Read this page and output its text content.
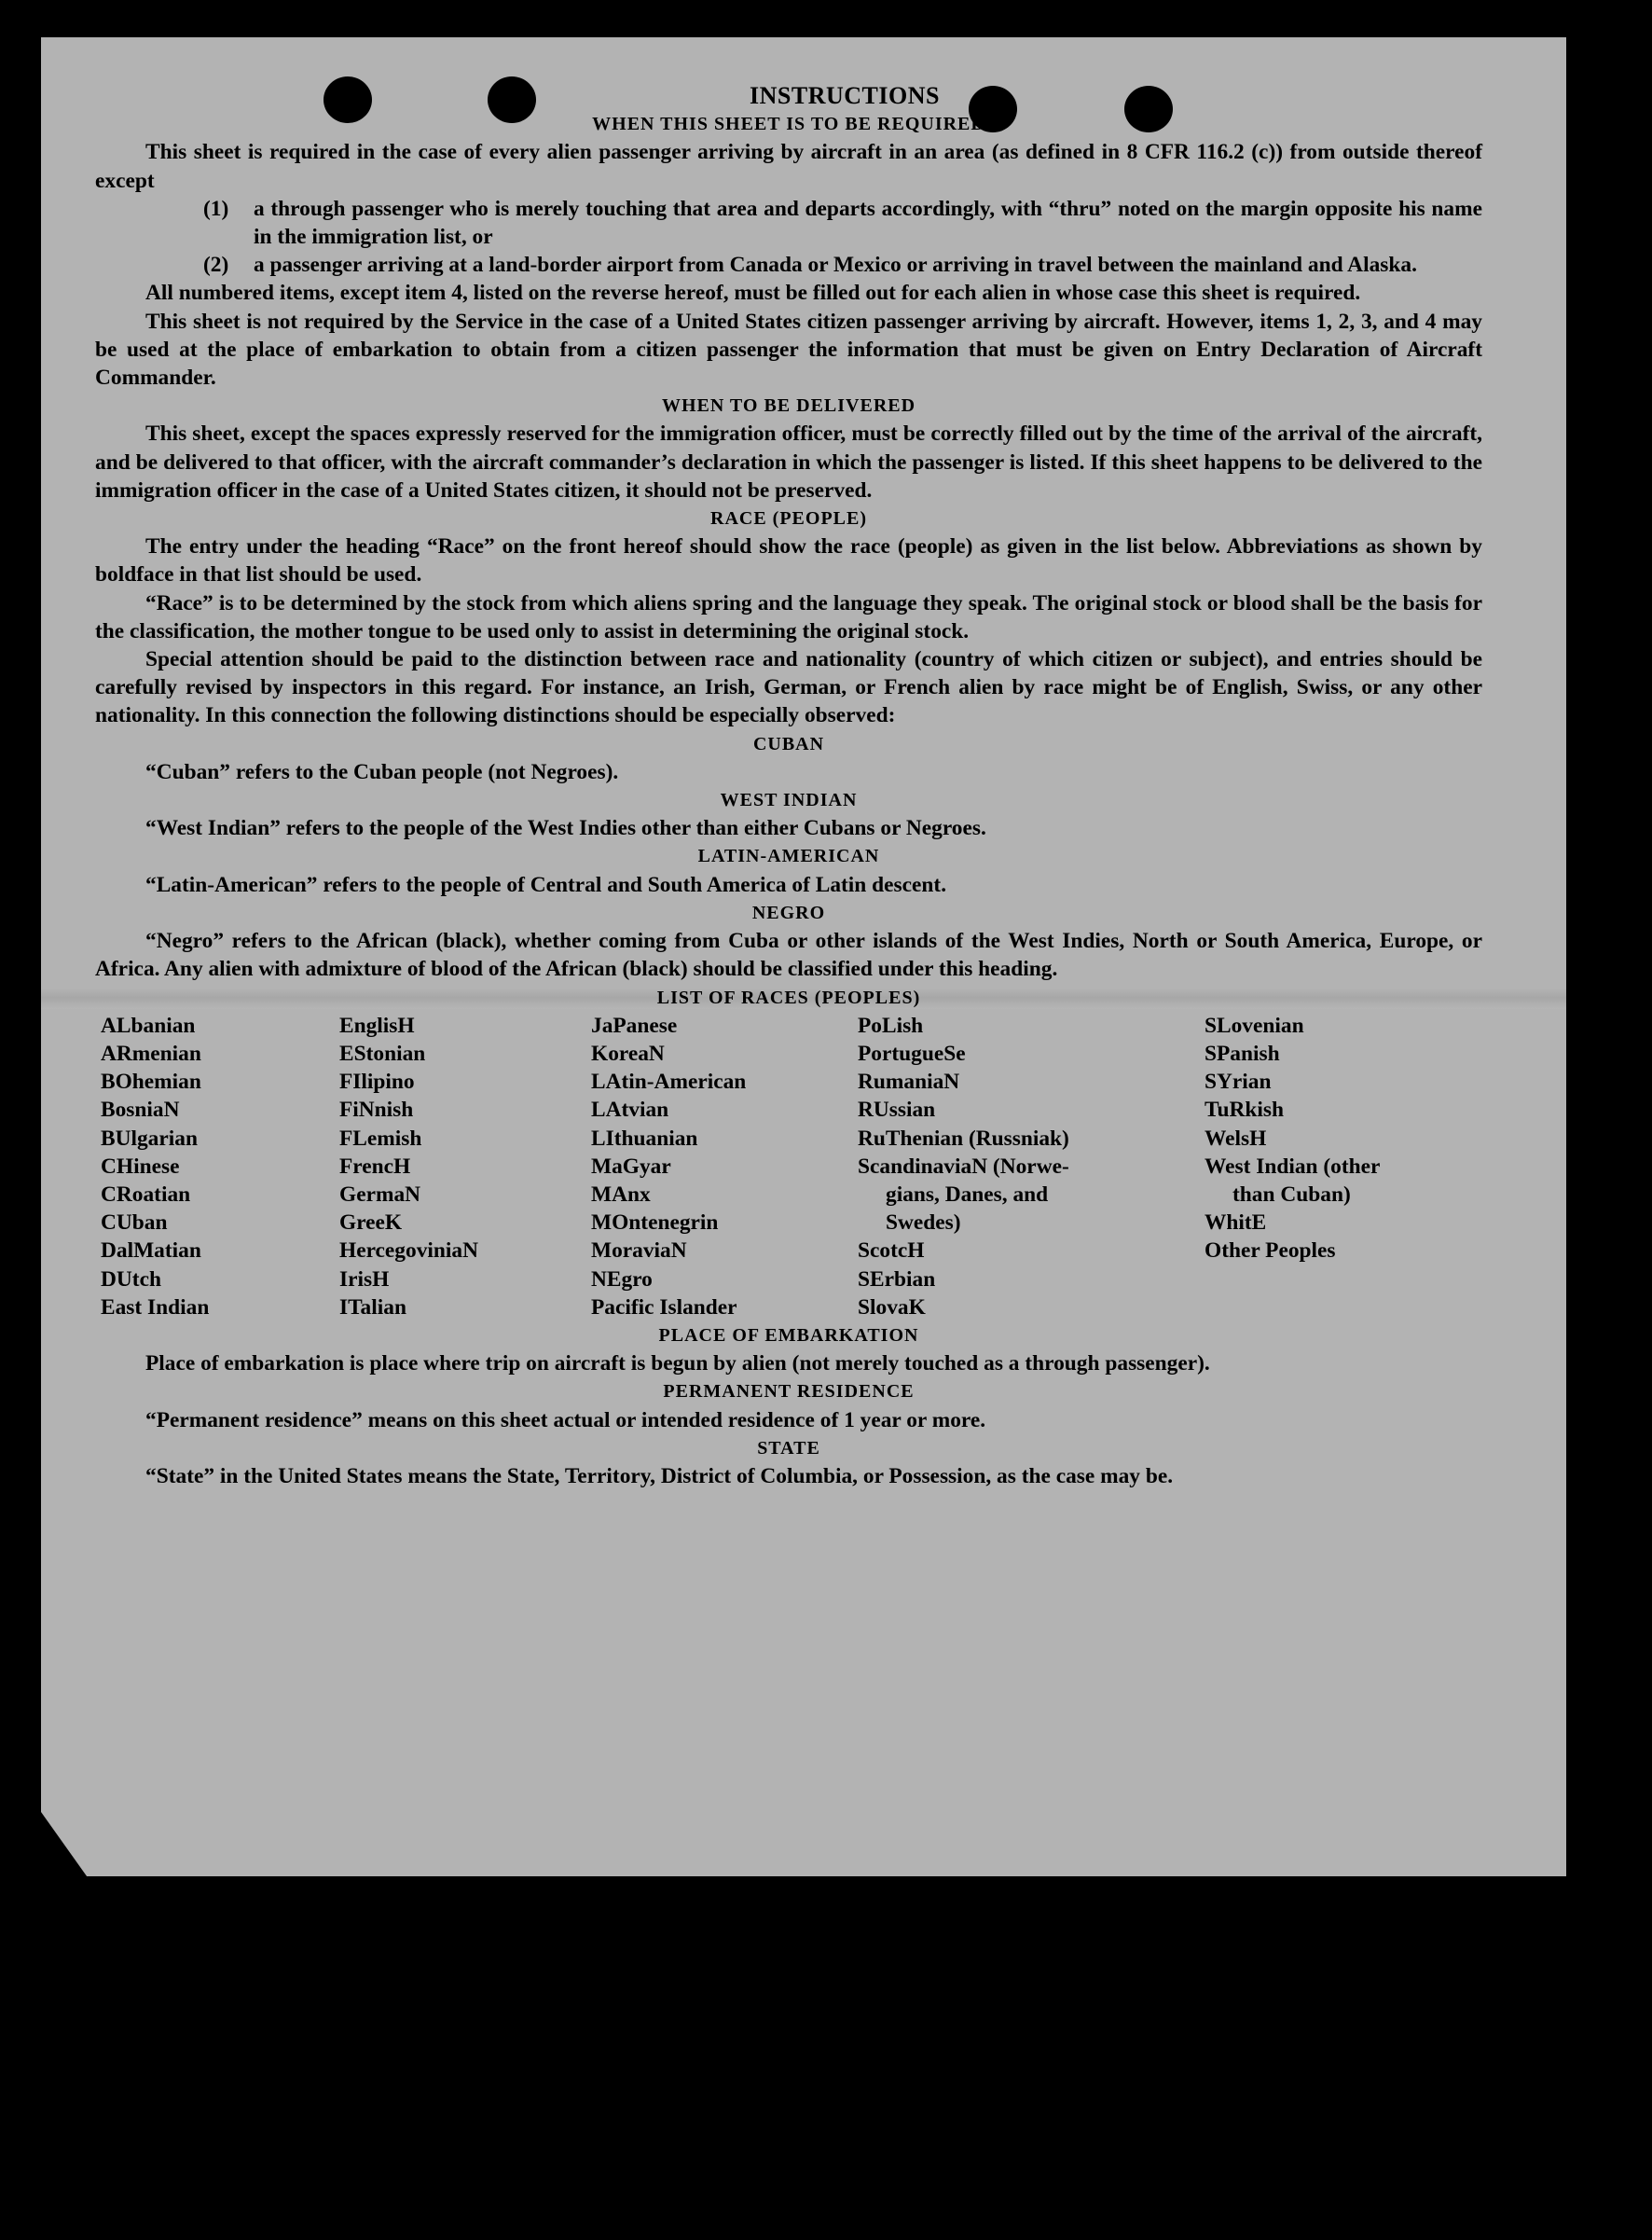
INSTRUCTIONS
WHEN THIS SHEET IS TO BE REQUIRED

This sheet is required in the case of every alien passenger arriving by aircraft in an area (as defined in 8 CFR 116.2 (c)) from outside thereof except

(1)	a through passenger who is merely touching that area and departs accordingly, with “thru” noted on the margin opposite his name in the immigration list, or

(2)	a passenger arriving at a land-border airport from Canada or Mexico or arriving in travel between the mainland and Alaska.

All numbered items, except item 4, listed on the reverse hereof, must be filled out for each alien in whose case this sheet is required.

This sheet is not required by the Service in the case of a United States citizen passenger arriving by aircraft. However, items 1, 2, 3, and 4 may be used at the place of embarkation to obtain from a citizen passenger the information that must be given on Entry Declaration of Aircraft Commander.

WHEN TO BE DELIVERED

This sheet, except the spaces expressly reserved for the immigration officer, must be correctly filled out by the time of the arrival of the aircraft, and be delivered to that officer, with the aircraft commander’s declaration in which the passenger is listed. If this sheet happens to be delivered to the immigration officer in the case of a United States citizen, it should not be preserved.

RACE (PEOPLE)

The entry under the heading “Race” on the front hereof should show the race (people) as given in the list below. Abbreviations as shown by boldface in that list should be used.

“Race” is to be determined by the stock from which aliens spring and the language they speak. The original stock or blood shall be the basis for the classification, the mother tongue to be used only to assist in determining the original stock.

Special attention should be paid to the distinction between race and nationality (country of which citizen or subject), and entries should be carefully revised by inspectors in this regard. For instance, an Irish, German, or French alien by race might be of English, Swiss, or any other nationality. In this connection the following distinctions should be especially observed:

CUBAN

“Cuban” refers to the Cuban people (not Negroes).

WEST INDIAN

“West Indian” refers to the people of the West Indies other than either Cubans or Negroes.

LATIN-AMERICAN

“Latin-American” refers to the people of Central and South America of Latin descent.

NEGRO

“Negro” refers to the African (black), whether coming from Cuba or other islands of the West Indies, North or South America, Europe, or Africa. Any alien with admixture of blood of the African (black) should be classified under this heading.

LIST OF RACES (PEOPLES)
ALbanian
ARmenian
BOhemian
BosniaN
BUlgarian
CHinese
CRoatian
CUban
DalMatian
DUtch
East Indian
EnglisH
EStonian
FIlipino
FiNnish
FLemish
FrencH
GermaN
GreeK
HercegoviniaN
IrisH
ITalian
JaPanese
KoreaN
LAtin-American
LAtvian
LIthuanian
MaGyar
MAnx
MOntenegrin
MoraviaN
NEgro
Pacific Islander
PoLish
PortugueSe
RumaniaN
RUssian
RuThenian (Russniak)
ScandinaviaN (Norwe-
gians, Danes, and
Swedes)
ScotcH
SErbian
SlovaK
SLovenian
SPanish
SYrian
TuRkish
WelsH
West Indian (other
than Cuban)
WhitE
Other Peoples
PLACE OF EMBARKATION

Place of embarkation is place where trip on aircraft is begun by alien (not merely touched as a through passenger).

PERMANENT RESIDENCE

“Permanent residence” means on this sheet actual or intended residence of 1 year or more.

STATE

“State” in the United States means the State, Territory, District of Columbia, or Possession, as the case may be.
